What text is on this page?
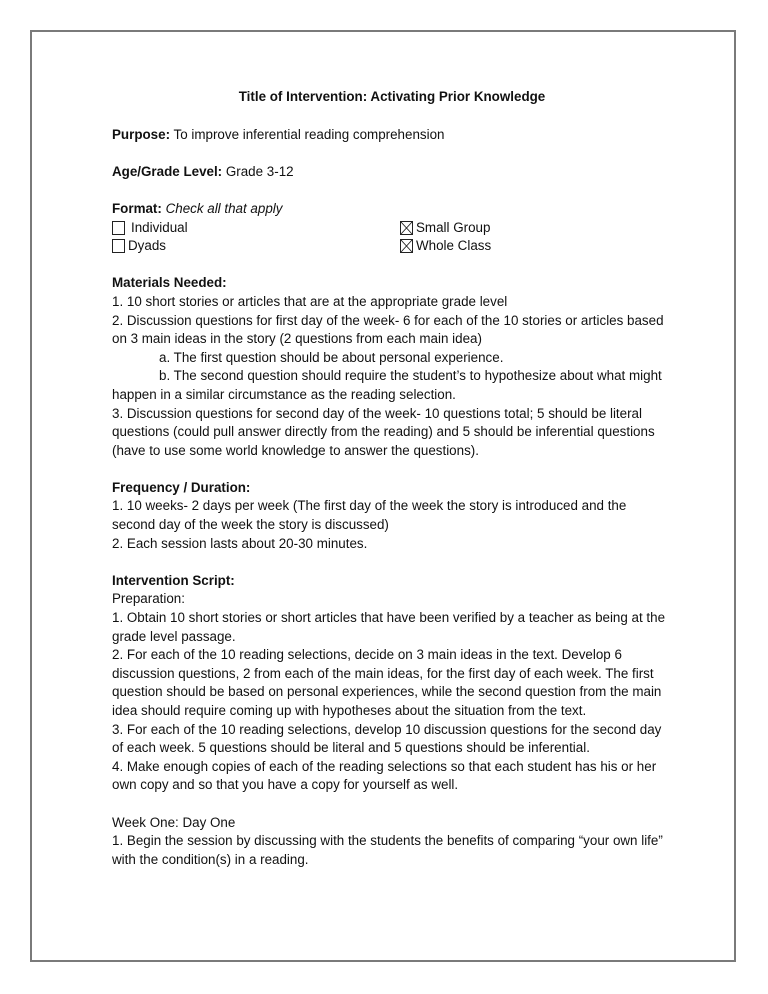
Title of Intervention: Activating Prior Knowledge

Purpose: To improve inferential reading comprehension

Age/Grade Level: Grade 3-12

Format: Check all that apply

Individual	Small Group
Dyads	Whole Class

Materials Needed:

1. 10 short stories or articles that are at the appropriate grade level

2. Discussion questions for first day of the week- 6 for each of the 10 stories or articles based on 3 main ideas in the story (2 questions from each main idea)

a. The first question should be about personal experience.

b. The second question should require the student’s to hypothesize about what might happen in a similar circumstance as the reading selection.

3. Discussion questions for second day of the week- 10 questions total; 5 should be literal questions (could pull answer directly from the reading) and 5 should be inferential questions (have to use some world knowledge to answer the questions).

Frequency / Duration:

1. 10 weeks- 2 days per week (The first day of the week the story is introduced and the second day of the week the story is discussed)

2. Each session lasts about 20-30 minutes.

Intervention Script:

Preparation:

1. Obtain 10 short stories or short articles that have been verified by a teacher as being at the grade level passage.

2. For each of the 10 reading selections, decide on 3 main ideas in the text. Develop 6 discussion questions, 2 from each of the main ideas, for the first day of each week. The first question should be based on personal experiences, while the second question from the main idea should require coming up with hypotheses about the situation from the text.

3. For each of the 10 reading selections, develop 10 discussion questions for the second day of each week. 5 questions should be literal and 5 questions should be inferential.

4. Make enough copies of each of the reading selections so that each student has his or her own copy and so that you have a copy for yourself as well.

Week One: Day One

1. Begin the session by discussing with the students the benefits of comparing “your own life” with the condition(s) in a reading.
